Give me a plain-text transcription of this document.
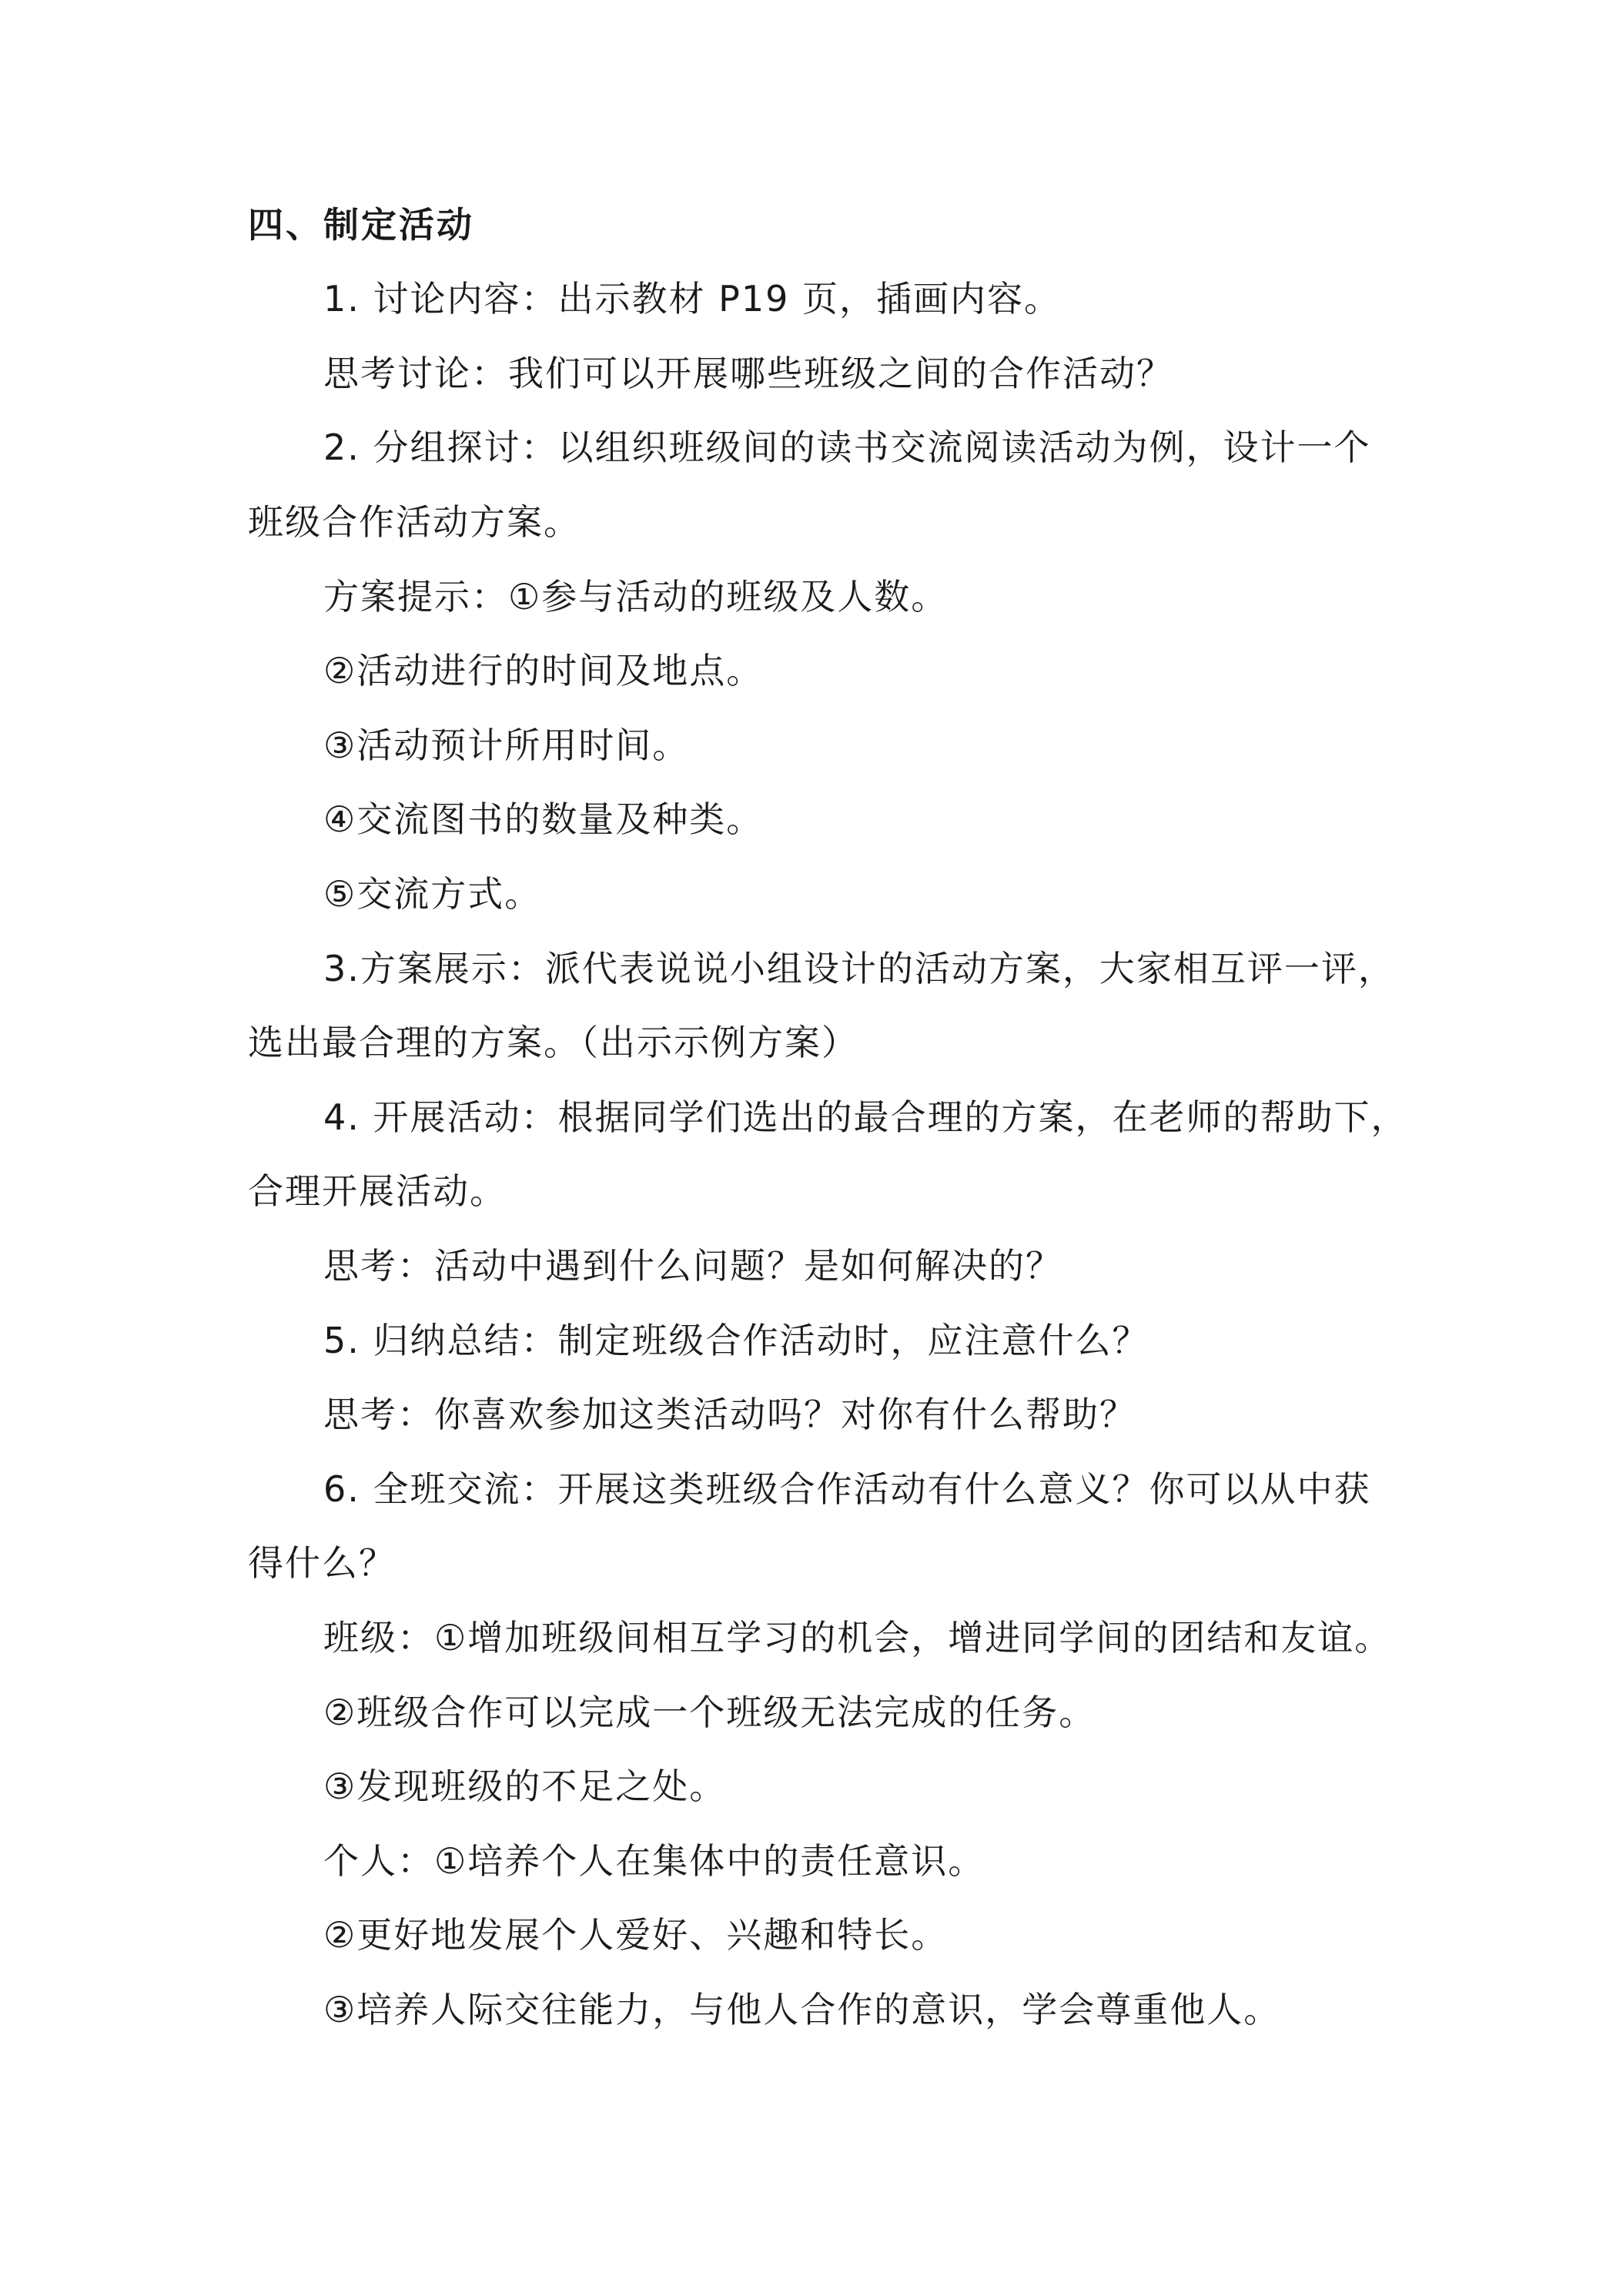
四、制定活动
1. 讨论内容：出示教材 P19 页，插画内容。
思考讨论：我们可以开展哪些班级之间的合作活动？
2. 分组探讨：以组织班级间的读书交流阅读活动为例，设计一个
班级合作活动方案。
方案提示：①参与活动的班级及人数。
②活动进行的时间及地点。
③活动预计所用时间。
④交流图书的数量及种类。
⑤交流方式。
3.方案展示：派代表说说小组设计的活动方案，大家相互评一评，
选出最合理的方案。（出示示例方案）
4. 开展活动：根据同学们选出的最合理的方案，在老师的帮助下，
合理开展活动。
思考：活动中遇到什么问题？是如何解决的？
5. 归纳总结：制定班级合作活动时，应注意什么？
思考：你喜欢参加这类活动吗？对你有什么帮助？
6. 全班交流：开展这类班级合作活动有什么意义？你可以从中获
得什么？
班级：①增加班级间相互学习的机会，增进同学间的团结和友谊。
②班级合作可以完成一个班级无法完成的任务。
③发现班级的不足之处。
个人：①培养个人在集体中的责任意识。
②更好地发展个人爱好、兴趣和特长。
③培养人际交往能力，与他人合作的意识，学会尊重他人。
